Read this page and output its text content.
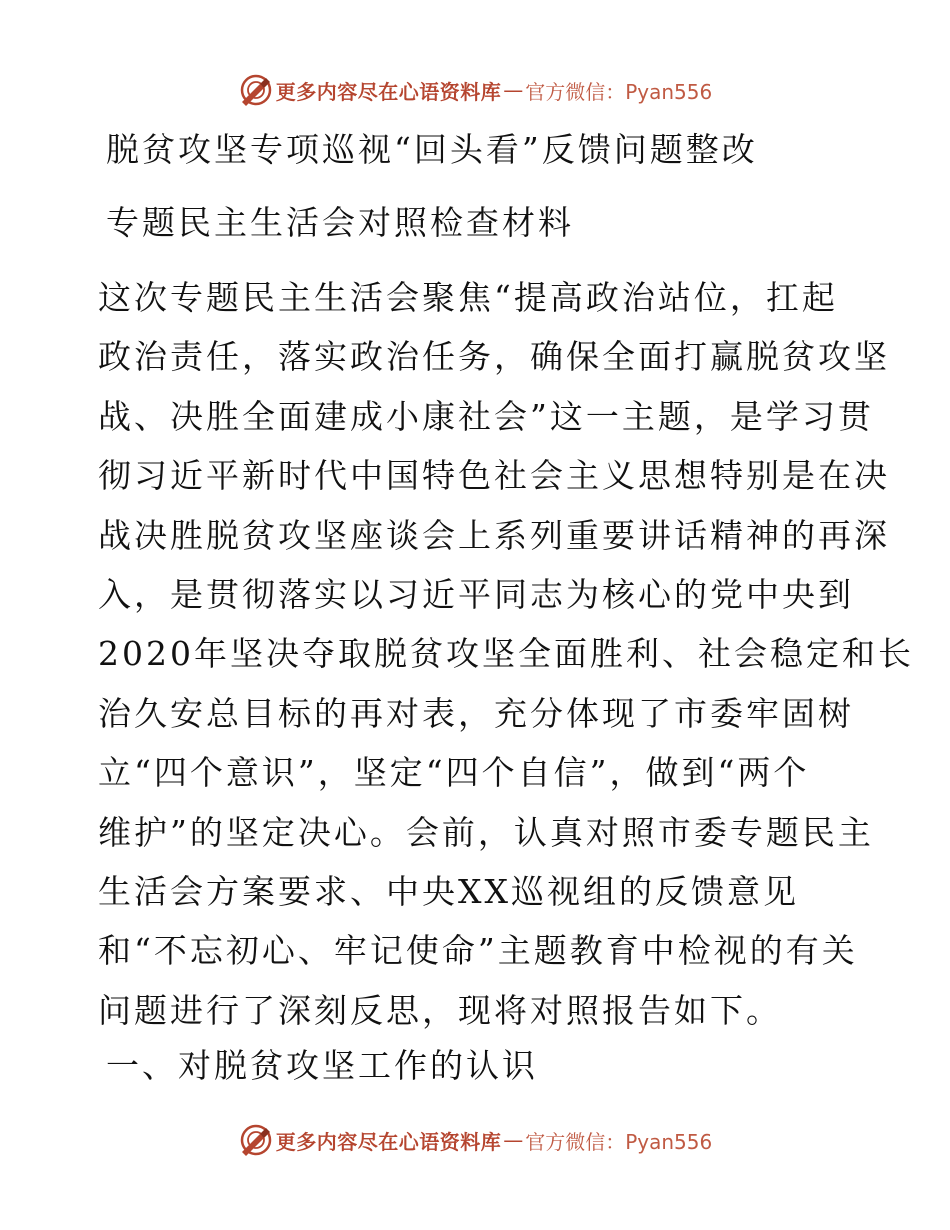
更多内容尽在心语资料库 — 官方微信：Pyan556
脱贫攻坚专项巡视“回头看”反馈问题整改
专题民主生活会对照检查材料
这次专题民主生活会聚焦“提高政治站位，扛起
政治责任，落实政治任务，确保全面打赢脱贫攻坚
战、决胜全面建成小康社会”这一主题，是学习贯
彻习近平新时代中国特色社会主义思想特别是在决
战决胜脱贫攻坚座谈会上系列重要讲话精神的再深
入，是贯彻落实以习近平同志为核心的党中央到
2020年坚决夺取脱贫攻坚全面胜利、社会稳定和长
治久安总目标的再对表，充分体现了市委牢固树
立“四个意识”，坚定“四个自信”，做到“两个
维护”的坚定决心。会前，认真对照市委专题民主
生活会方案要求、中央XX巡视组的反馈意见
和“不忘初心、牢记使命”主题教育中检视的有关
问题进行了深刻反思，现将对照报告如下。
一、对脱贫攻坚工作的认识
更多内容尽在心语资料库 — 官方微信：Pyan556
